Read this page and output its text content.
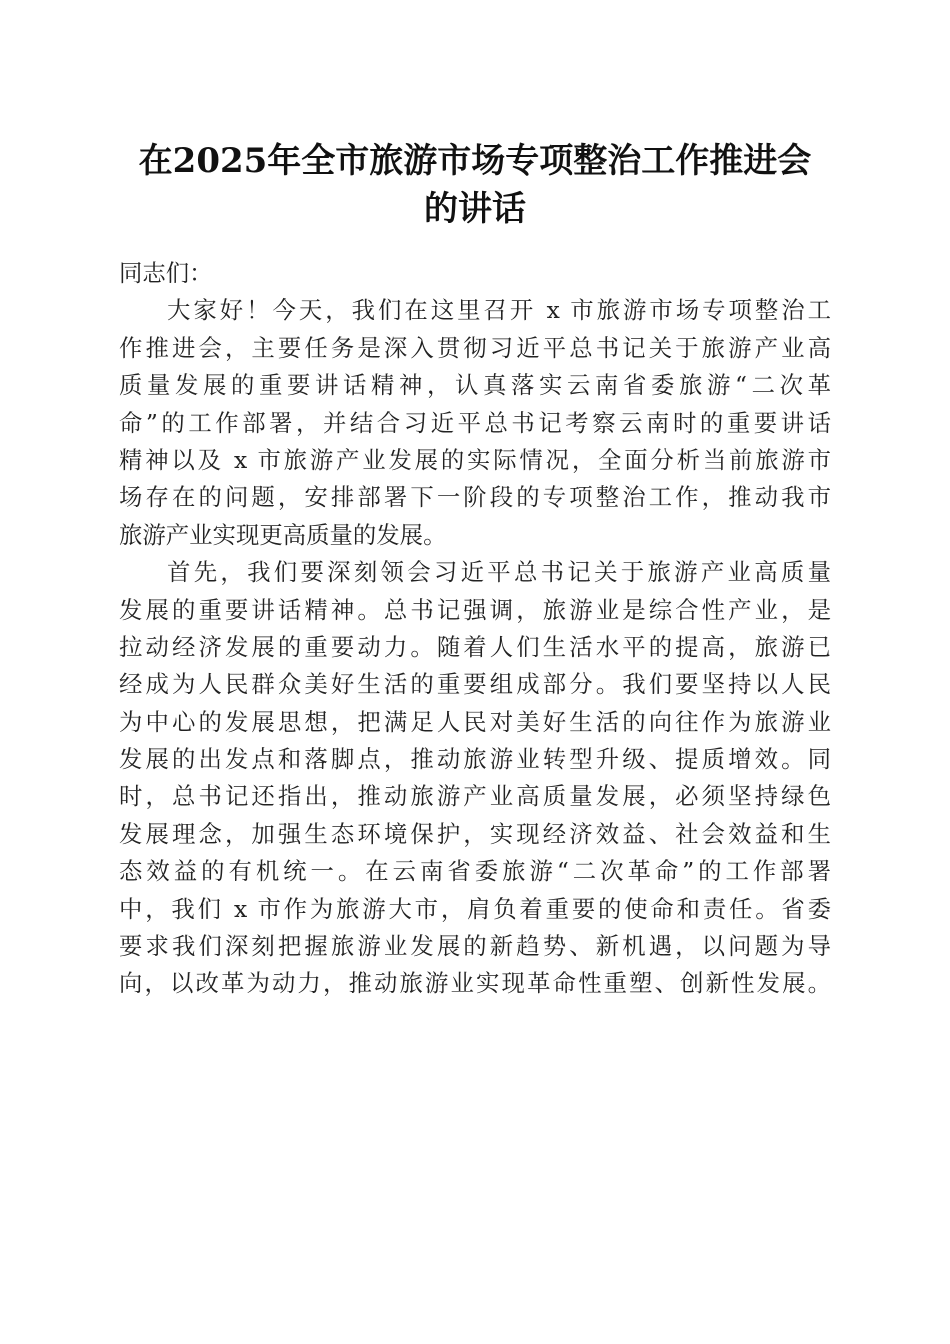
在2025年全市旅游市场专项整治工作推进会
的讲话
同志们：
大家好！今天，我们在这里召开 x 市旅游市场专项整治工
作推进会，主要任务是深入贯彻习近平总书记关于旅游产业高
质量发展的重要讲话精神，认真落实云南省委旅游“二次革
命”的工作部署，并结合习近平总书记考察云南时的重要讲话
精神以及 x 市旅游产业发展的实际情况，全面分析当前旅游市
场存在的问题，安排部署下一阶段的专项整治工作，推动我市
旅游产业实现更高质量的发展。
首先，我们要深刻领会习近平总书记关于旅游产业高质量
发展的重要讲话精神。总书记强调，旅游业是综合性产业，是
拉动经济发展的重要动力。随着人们生活水平的提高，旅游已
经成为人民群众美好生活的重要组成部分。我们要坚持以人民
为中心的发展思想，把满足人民对美好生活的向往作为旅游业
发展的出发点和落脚点，推动旅游业转型升级、提质增效。同
时，总书记还指出，推动旅游产业高质量发展，必须坚持绿色
发展理念，加强生态环境保护，实现经济效益、社会效益和生
态效益的有机统一。在云南省委旅游“二次革命”的工作部署
中，我们 x 市作为旅游大市，肩负着重要的使命和责任。省委
要求我们深刻把握旅游业发展的新趋势、新机遇，以问题为导
向，以改革为动力，推动旅游业实现革命性重塑、创新性发展。
